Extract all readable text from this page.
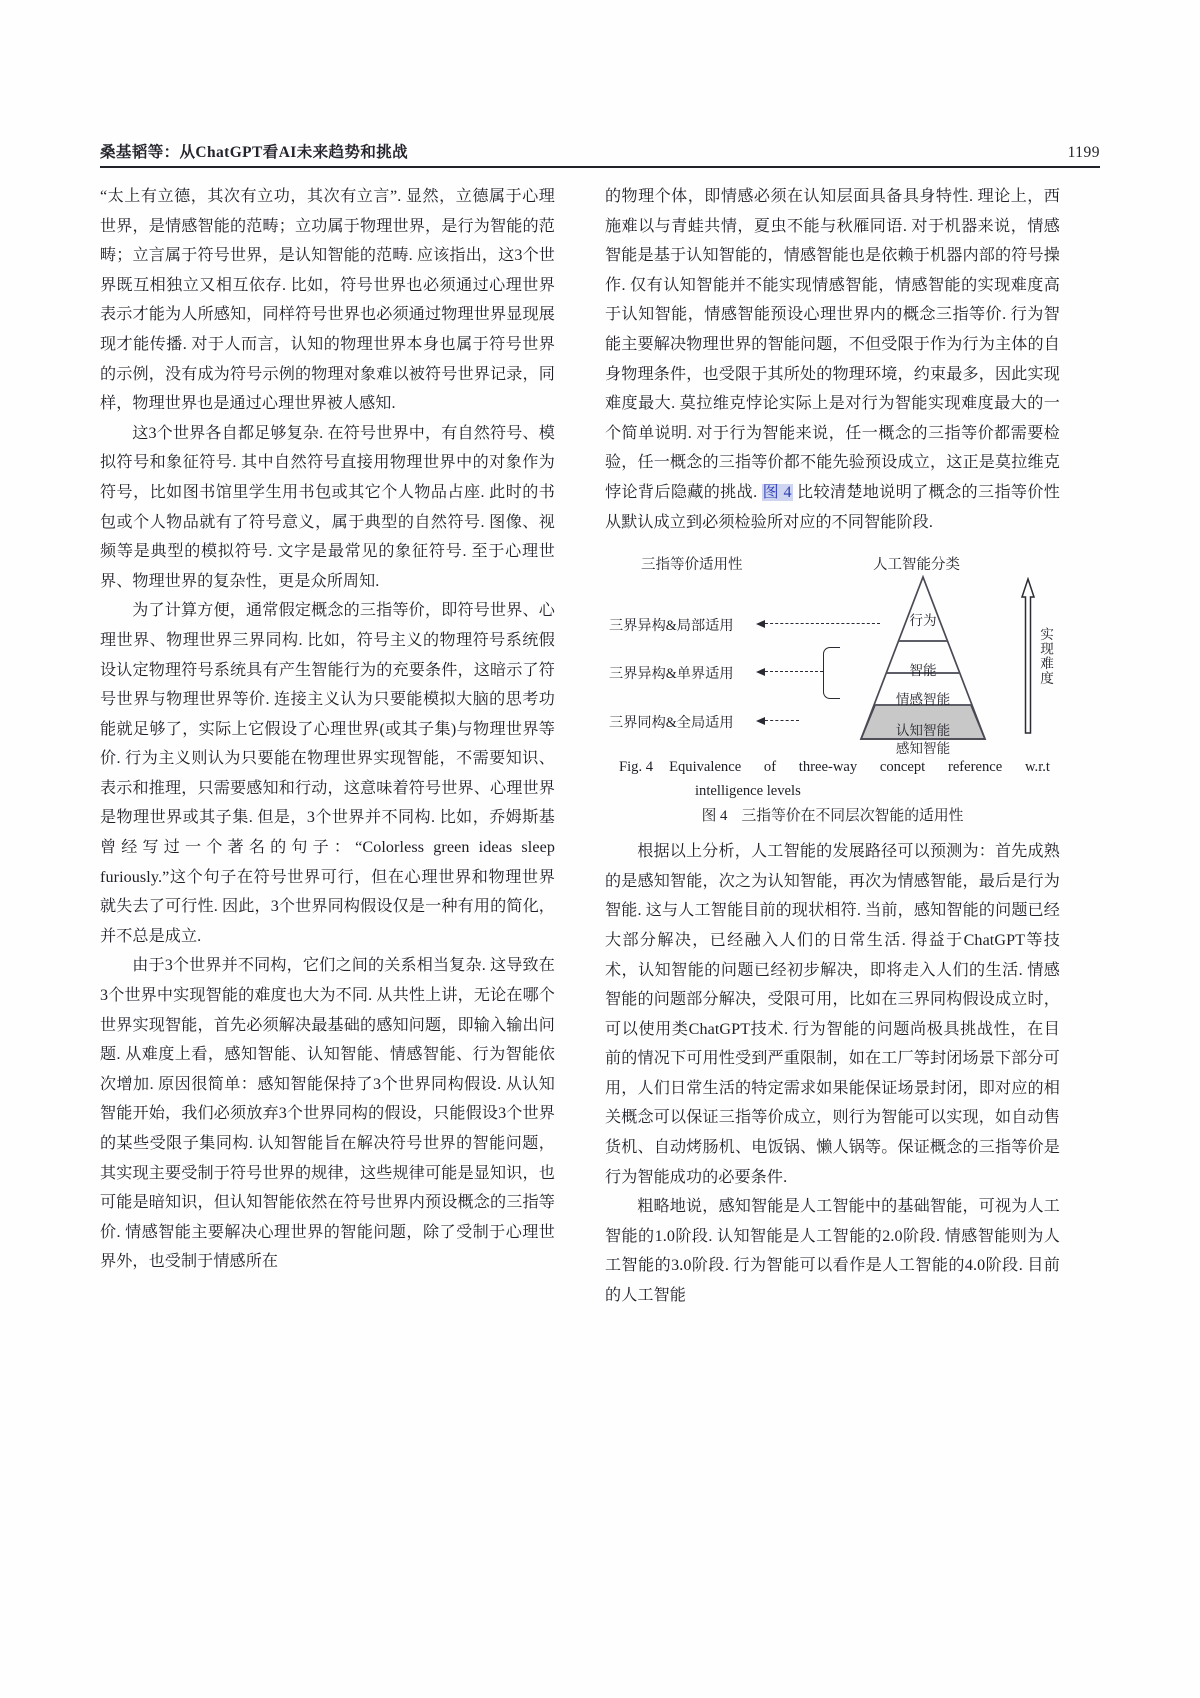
桑基韬等：从ChatGPT看AI未来趋势和挑战	1199

“太上有立德，其次有立功，其次有立言”. 显然，立德属于心理世界，是情感智能的范畴；立功属于物理世界，是行为智能的范畴；立言属于符号世界，是认知智能的范畴. 应该指出，这3个世界既互相独立又相互依存. 比如，符号世界也必须通过心理世界表示才能为人所感知，同样符号世界也必须通过物理世界显现展现才能传播. 对于人而言，认知的物理世界本身也属于符号世界的示例，没有成为符号示例的物理对象难以被符号世界记录，同样，物理世界也是通过心理世界被人感知.

这3个世界各自都足够复杂. 在符号世界中，有自然符号、模拟符号和象征符号. 其中自然符号直接用物理世界中的对象作为符号，比如图书馆里学生用书包或其它个人物品占座. 此时的书包或个人物品就有了符号意义，属于典型的自然符号. 图像、视频等是典型的模拟符号. 文字是最常见的象征符号. 至于心理世界、物理世界的复杂性，更是众所周知.

为了计算方便，通常假定概念的三指等价，即符号世界、心理世界、物理世界三界同构. 比如，符号主义的物理符号系统假设认定物理符号系统具有产生智能行为的充要条件，这暗示了符号世界与物理世界等价. 连接主义认为只要能模拟大脑的思考功能就足够了，实际上它假设了心理世界(或其子集)与物理世界等价. 行为主义则认为只要能在物理世界实现智能，不需要知识、表示和推理，只需要感知和行动，这意味着符号世界、心理世界是物理世界或其子集. 但是，3个世界并不同构. 比如，乔姆斯基曾经写过一个著名的句子：“Colorless green ideas sleep furiously.”这个句子在符号世界可行，但在心理世界和物理世界就失去了可行性. 因此，3个世界同构假设仅是一种有用的简化，并不总是成立.

由于3个世界并不同构，它们之间的关系相当复杂. 这导致在3个世界中实现智能的难度也大为不同. 从共性上讲，无论在哪个世界实现智能，首先必须解决最基础的感知问题，即输入输出问题. 从难度上看，感知智能、认知智能、情感智能、行为智能依次增加. 原因很简单：感知智能保持了3个世界同构假设. 从认知智能开始，我们必须放弃3个世界同构的假设，只能假设3个世界的某些受限子集同构. 认知智能旨在解决符号世界的智能问题，其实现主要受制于符号世界的规律，这些规律可能是显知识，也可能是暗知识，但认知智能依然在符号世界内预设概念的三指等价. 情感智能主要解决心理世界的智能问题，除了受制于心理世界外，也受制于情感所在

的物理个体，即情感必须在认知层面具备具身特性. 理论上，西施难以与青蛙共情，夏虫不能与秋雁同语. 对于机器来说，情感智能是基于认知智能的，情感智能也是依赖于机器内部的符号操作. 仅有认知智能并不能实现情感智能，情感智能的实现难度高于认知智能，情感智能预设心理世界内的概念三指等价. 行为智能主要解决物理世界的智能问题，不但受限于作为行为主体的自身物理条件，也受限于其所处的物理环境，约束最多，因此实现难度最大. 莫拉维克悖论实际上是对行为智能实现难度最大的一个简单说明. 对于行为智能来说，任一概念的三指等价都需要检验，任一概念的三指等价都不能先验预设成立，这正是莫拉维克悖论背后隐藏的挑战. 图 4 比较清楚地说明了概念的三指等价性从默认成立到必须检验所对应的不同智能阶段.

三指等价适用性	人工智能分类
三界异构&局部适用
三界异构&单界适用
三界同构&全局适用
行为
智能
情感智能
认知智能
感知智能
实现难度
Fig. 4	Equivalence of three-way concept reference w.r.t
intelligence levels
图 4 三指等价在不同层次智能的适用性

根据以上分析，人工智能的发展路径可以预测为：首先成熟的是感知智能，次之为认知智能，再次为情感智能，最后是行为智能. 这与人工智能目前的现状相符. 当前，感知智能的问题已经大部分解决，已经融入人们的日常生活. 得益于ChatGPT等技术，认知智能的问题已经初步解决，即将走入人们的生活. 情感智能的问题部分解决，受限可用，比如在三界同构假设成立时，可以使用类ChatGPT技术. 行为智能的问题尚极具挑战性，在目前的情况下可用性受到严重限制，如在工厂等封闭场景下部分可用，人们日常生活的特定需求如果能保证场景封闭，即对应的相关概念可以保证三指等价成立，则行为智能可以实现，如自动售货机、自动烤肠机、电饭锅、懒人锅等。保证概念的三指等价是行为智能成功的必要条件.

粗略地说，感知智能是人工智能中的基础智能，可视为人工智能的1.0阶段. 认知智能是人工智能的2.0阶段. 情感智能则为人工智能的3.0阶段. 行为智能可以看作是人工智能的4.0阶段. 目前的人工智能
